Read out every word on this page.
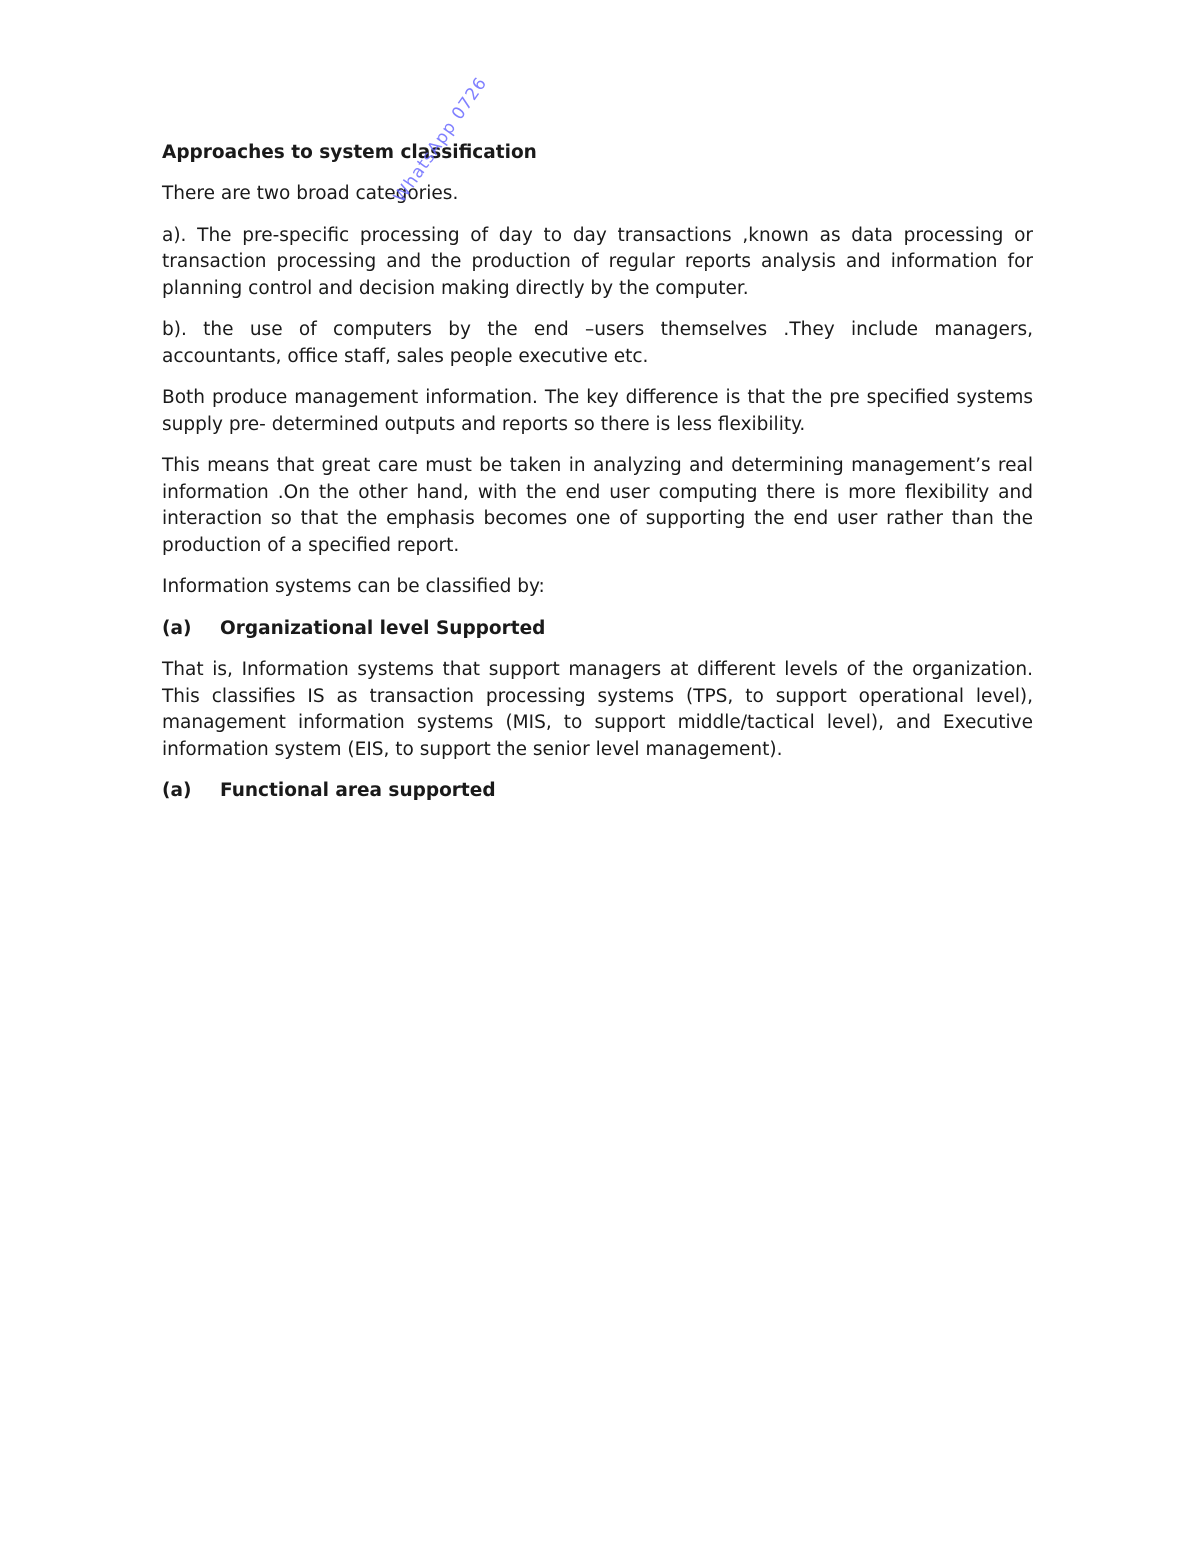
Approaches to system classification
There are two broad categories.
a). The pre-specific processing of day to day transactions ,known as data processing or transaction processing and the production of regular reports analysis and information for planning control and decision making directly by the computer.
b). the use of computers by the end –users themselves .They include managers, accountants, office staff, sales people executive etc.
Both produce management information. The key difference is that the pre specified systems supply pre- determined outputs and reports so there is less flexibility.
This means that great care must be taken in analyzing and determining management’s real information .On the other hand, with the end user computing there is more flexibility and interaction so that the emphasis becomes one of supporting the end user rather than the production of a specified report.
Information systems can be classified by:
(a)	Organizational level Supported
That is, Information systems that support managers at different levels of the organization. This classifies IS as transaction processing systems (TPS, to support operational level), management information systems (MIS, to support middle/tactical level), and Executive information system (EIS, to support the senior level management).
(a)	Functional area supported
WhatsApp 0726
